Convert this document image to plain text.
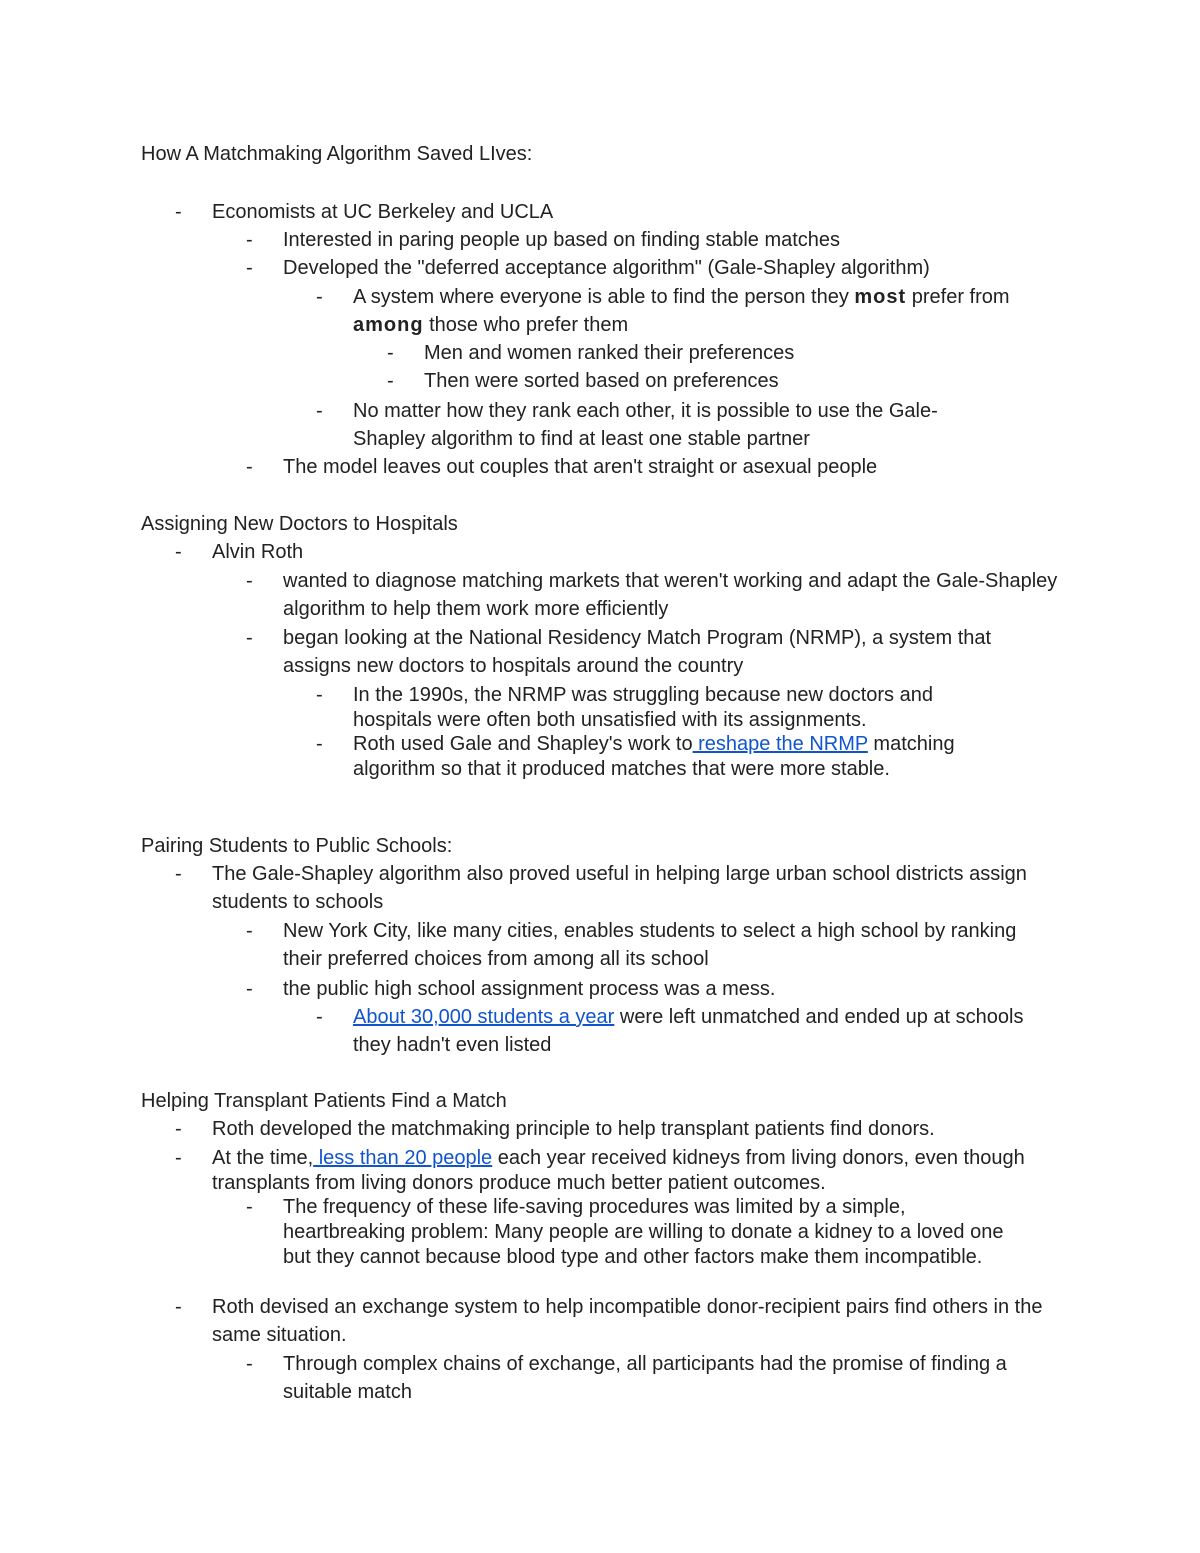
How A Matchmaking Algorithm Saved LIves:
-	Economists at UC Berkeley and UCLA
-	Interested in paring people up based on finding stable matches
-	Developed the "deferred acceptance algorithm" (Gale-Shapley algorithm)
-	A system where everyone is able to find the person they most prefer from among those who prefer them
-	Men and women ranked their preferences
-	Then were sorted based on preferences
-	No matter how they rank each other, it is possible to use the Gale-Shapley algorithm to find at least one stable partner
-	The model leaves out couples that aren't straight or asexual people
Assigning New Doctors to Hospitals
-	Alvin Roth
-	wanted to diagnose matching markets that weren't working and adapt the Gale-Shapley algorithm to help them work more efficiently
-	began looking at the National Residency Match Program (NRMP), a system that assigns new doctors to hospitals around the country
-	In the 1990s, the NRMP was struggling because new doctors and hospitals were often both unsatisfied with its assignments.
-	Roth used Gale and Shapley's work to reshape the NRMP matching algorithm so that it produced matches that were more stable.
Pairing Students to Public Schools:
-	The Gale-Shapley algorithm also proved useful in helping large urban school districts assign students to schools
-	New York City, like many cities, enables students to select a high school by ranking their preferred choices from among all its school
-	the public high school assignment process was a mess.
-	About 30,000 students a year were left unmatched and ended up at schools they hadn't even listed
Helping Transplant Patients Find a Match
-	Roth developed the matchmaking principle to help transplant patients find donors.
-	At the time, less than 20 people each year received kidneys from living donors, even though transplants from living donors produce much better patient outcomes.
-	The frequency of these life-saving procedures was limited by a simple, heartbreaking problem: Many people are willing to donate a kidney to a loved one but they cannot because blood type and other factors make them incompatible.
-	Roth devised an exchange system to help incompatible donor-recipient pairs find others in the same situation.
-	Through complex chains of exchange, all participants had the promise of finding a suitable match
